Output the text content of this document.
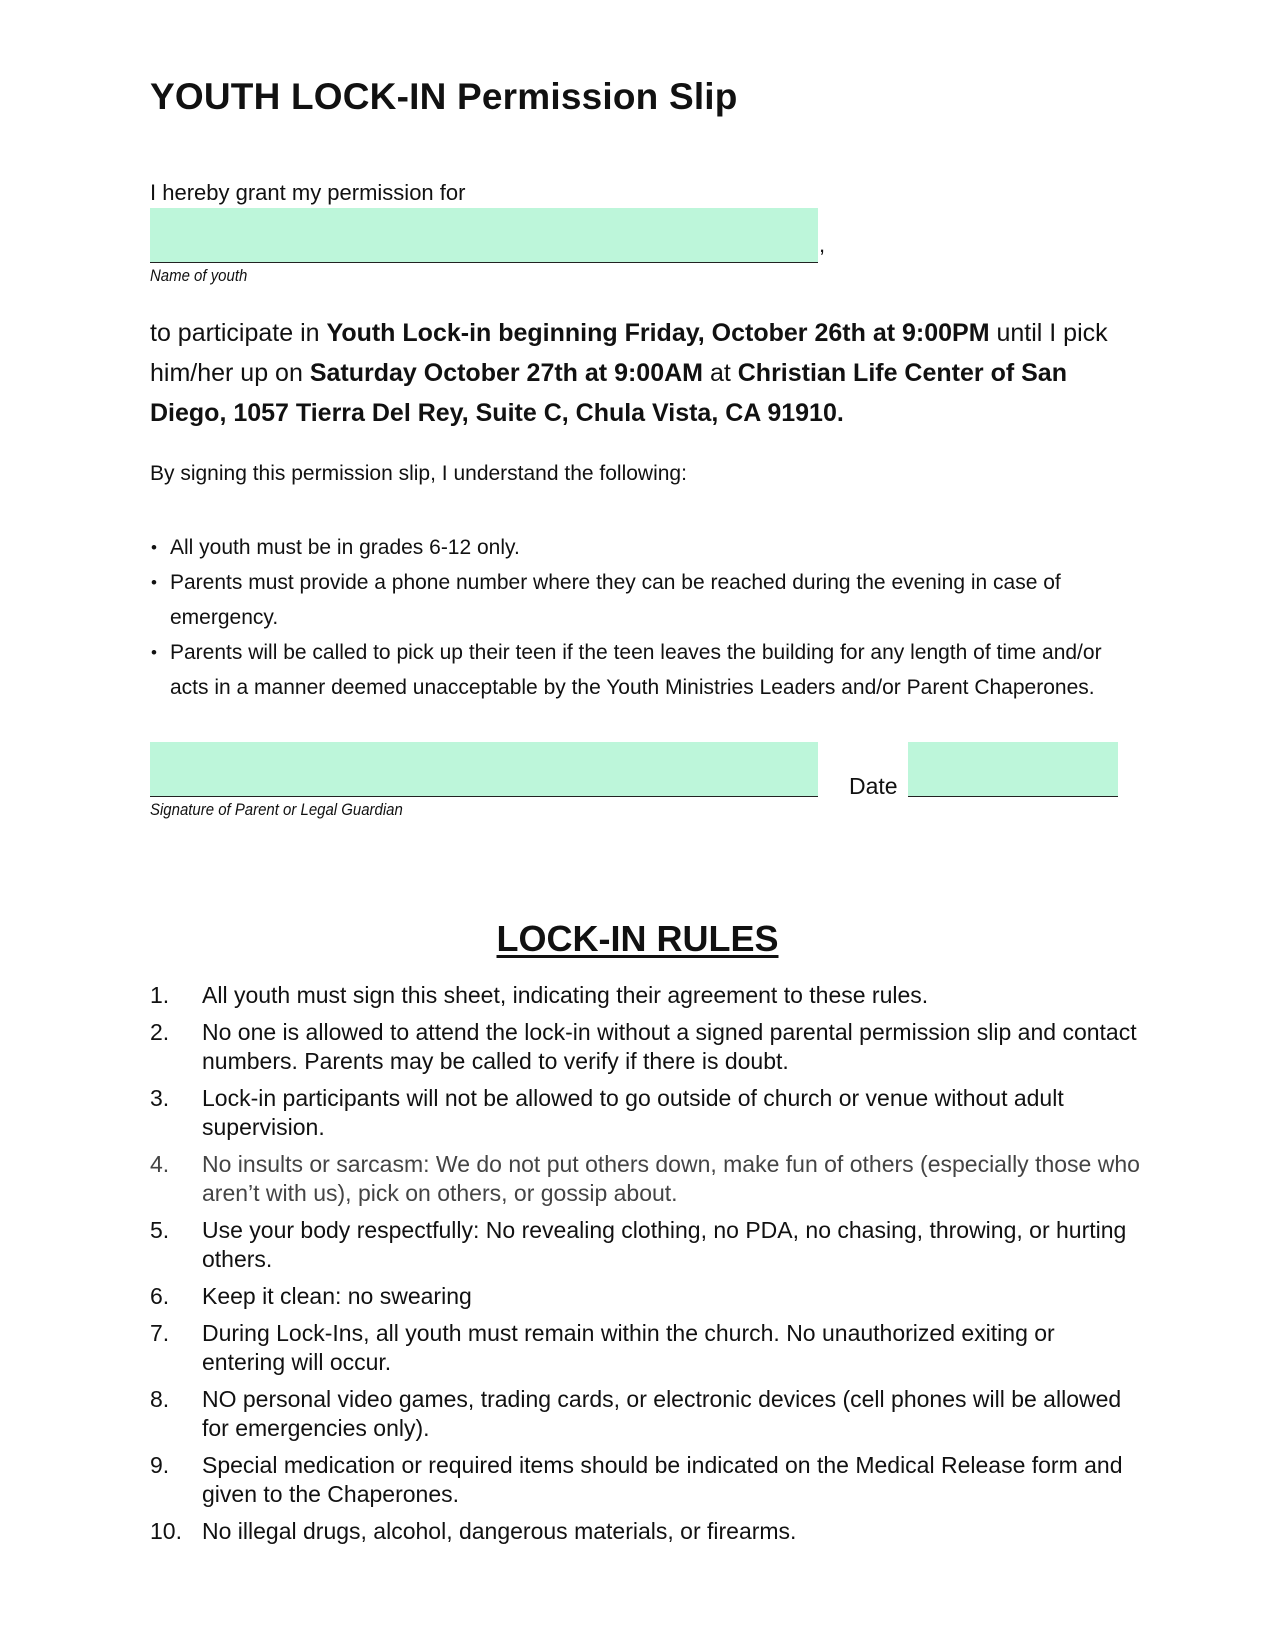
YOUTH LOCK-IN Permission Slip
I hereby grant my permission for
,
Name of youth
to participate in Youth Lock-in beginning Friday, October 26th at 9:00PM until I pick him/her up on Saturday October 27th at 9:00AM at Christian Life Center of San Diego, 1057 Tierra Del Rey, Suite C, Chula Vista, CA 91910.
By signing this permission slip, I understand the following:
• All youth must be in grades 6-12 only.
• Parents must provide a phone number where they can be reached during the evening in case of emergency.
• Parents will be called to pick up their teen if the teen leaves the building for any length of time and/or acts in a manner deemed unacceptable by the Youth Ministries Leaders and/or Parent Chaperones.
Signature of Parent or Legal Guardian
Date
LOCK-IN RULES
1. All youth must sign this sheet, indicating their agreement to these rules.
2. No one is allowed to attend the lock-in without a signed parental permission slip and contact numbers. Parents may be called to verify if there is doubt.
3. Lock-in participants will not be allowed to go outside of church or venue without adult supervision.
4. No insults or sarcasm: We do not put others down, make fun of others (especially those who aren’t with us), pick on others, or gossip about.
5. Use your body respectfully: No revealing clothing, no PDA, no chasing, throwing, or hurting others.
6. Keep it clean: no swearing
7. During Lock-Ins, all youth must remain within the church. No unauthorized exiting or entering will occur.
8. NO personal video games, trading cards, or electronic devices (cell phones will be allowed for emergencies only).
9. Special medication or required items should be indicated on the Medical Release form and given to the Chaperones.
10. No illegal drugs, alcohol, dangerous materials, or firearms.
